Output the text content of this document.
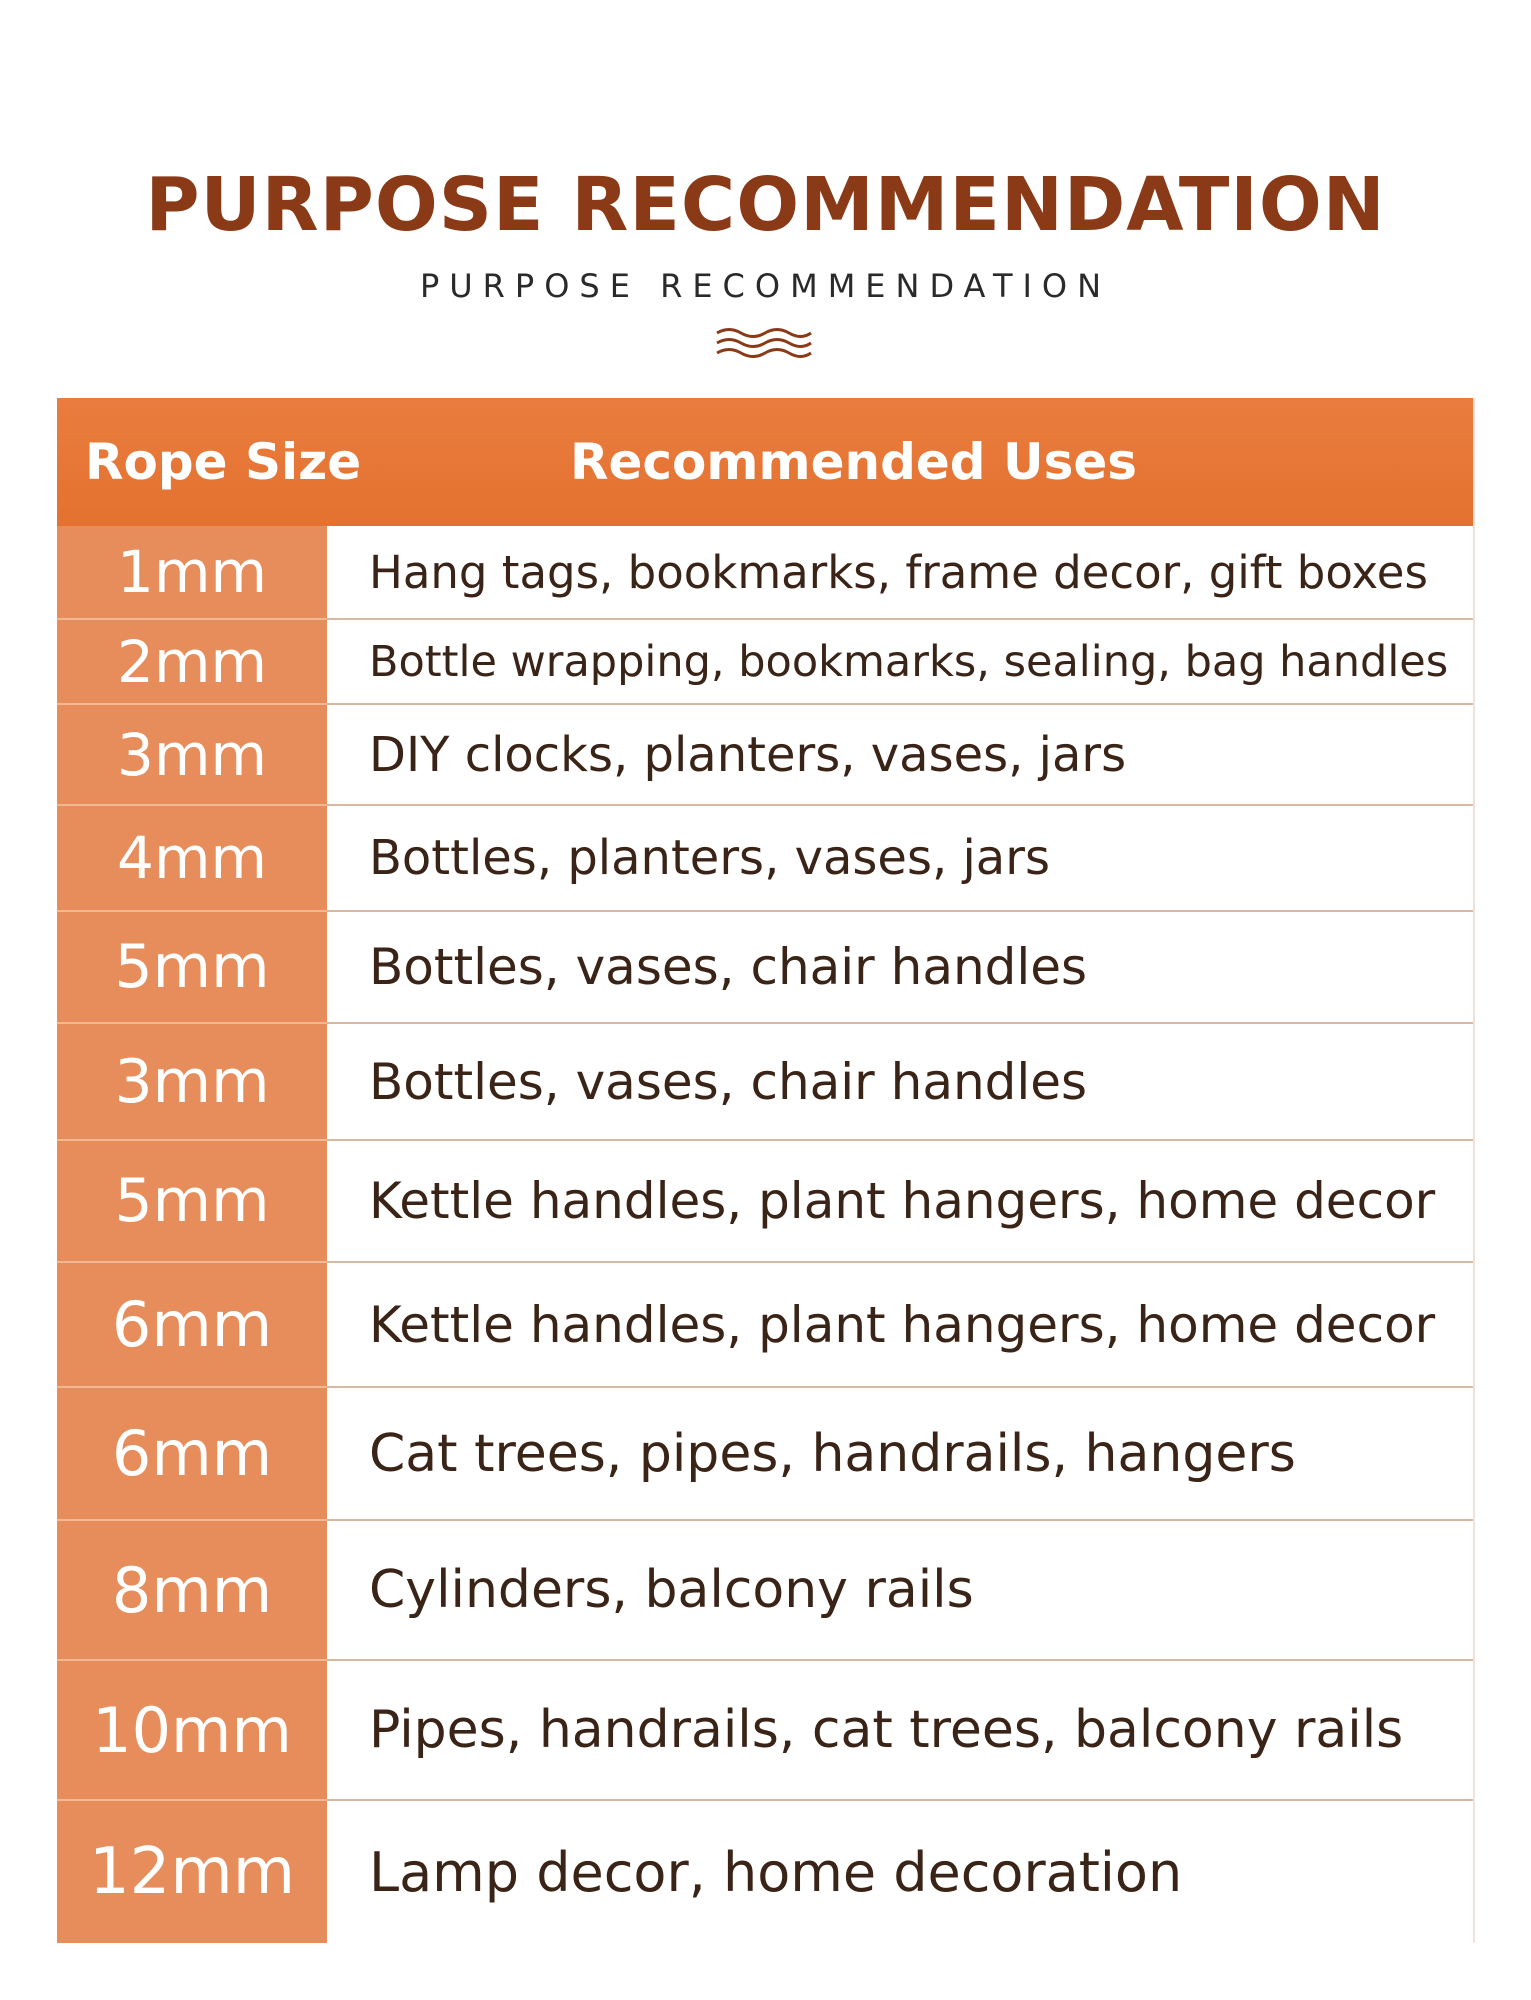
PURPOSE RECOMMENDATION
PURPOSE RECOMMENDATION
Rope Size	Recommended Uses
1mm	Hang tags, bookmarks, frame decor, gift boxes
2mm	Bottle wrapping, bookmarks, sealing, bag handles
3mm	DIY clocks, planters, vases, jars
4mm	Bottles, planters, vases, jars
5mm	Bottles, vases, chair handles
3mm	Bottles, vases, chair handles
5mm	Kettle handles, plant hangers, home decor
6mm	Kettle handles, plant hangers, home decor
6mm	Cat trees, pipes, handrails, hangers
8mm	Cylinders, balcony rails
10mm	Pipes, handrails, cat trees, balcony rails
12mm	Lamp decor, home decoration
